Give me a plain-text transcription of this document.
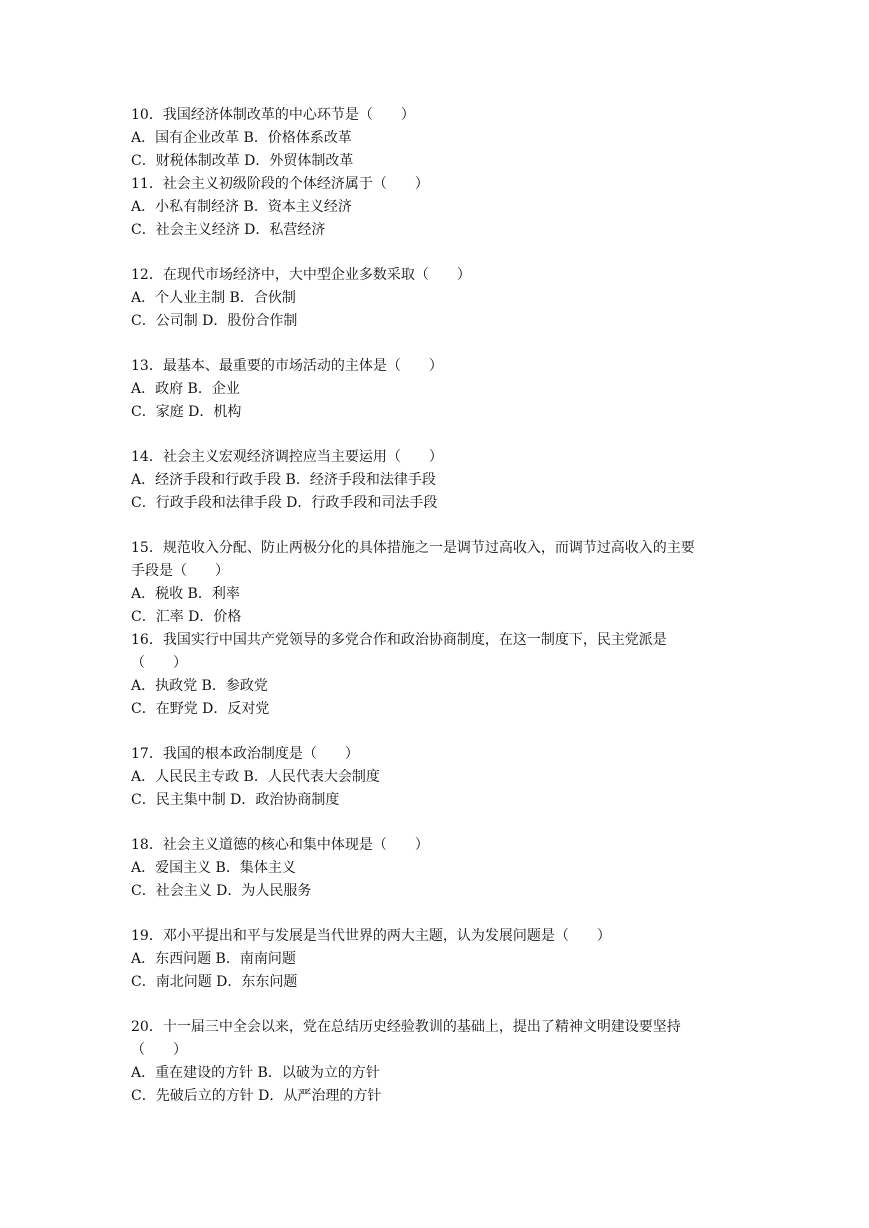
10．我国经济体制改革的中心环节是（　　）
A．国有企业改革 B．价格体系改革
C．财税体制改革 D．外贸体制改革
11．社会主义初级阶段的个体经济属于（　　）
A．小私有制经济 B．资本主义经济
C．社会主义经济 D．私营经济
12．在现代市场经济中，大中型企业多数采取（　　）
A．个人业主制 B．合伙制
C．公司制 D．股份合作制
13．最基本、最重要的市场活动的主体是（　　）
A．政府 B．企业
C．家庭 D．机构
14．社会主义宏观经济调控应当主要运用（　　）
A．经济手段和行政手段 B．经济手段和法律手段
C．行政手段和法律手段 D．行政手段和司法手段
15．规范收入分配、防止两极分化的具体措施之一是调节过高收入，而调节过高收入的主要
手段是（　　）
A．税收 B．利率
C．汇率 D．价格
16．我国实行中国共产党领导的多党合作和政治协商制度，在这一制度下，民主党派是
（　　）
A．执政党 B．参政党
C．在野党 D．反对党
17．我国的根本政治制度是（　　）
A．人民民主专政 B．人民代表大会制度
C．民主集中制 D．政治协商制度
18．社会主义道德的核心和集中体现是（　　）
A．爱国主义 B．集体主义
C．社会主义 D．为人民服务
19．邓小平提出和平与发展是当代世界的两大主题，认为发展问题是（　　）
A．东西问题 B．南南问题
C．南北问题 D．东东问题
20．十一届三中全会以来，党在总结历史经验教训的基础上，提出了精神文明建设要坚持
（　　）
A．重在建设的方针 B．以破为立的方针
C．先破后立的方针 D．从严治理的方针
